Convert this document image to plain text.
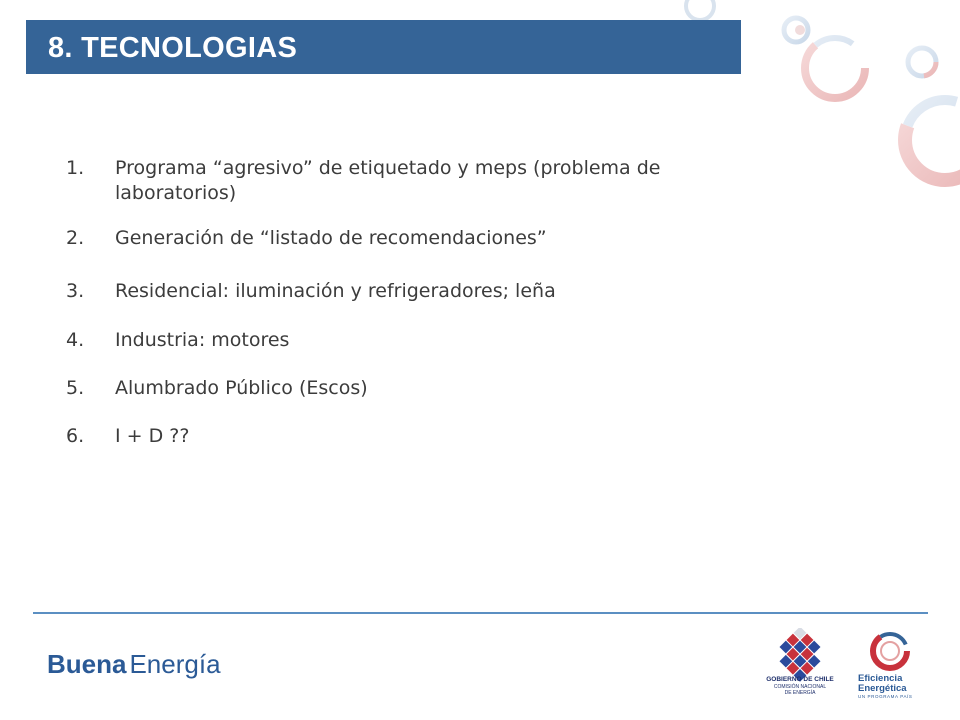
8. TECNOLOGIAS
1. Programa “agresivo” de etiquetado y meps (problema de laboratorios)
2. Generación de “listado de recomendaciones”
3. Residencial: iluminación y refrigeradores; leña
4. Industria: motores
5. Alumbrado Público (Escos)
6. I + D ??
Buena Energía
GOBIERNO DE CHILE
COMISIÓN NACIONAL
DE ENERGÍA
Eficiencia
Energética
UN PROGRAMA PAÍS
